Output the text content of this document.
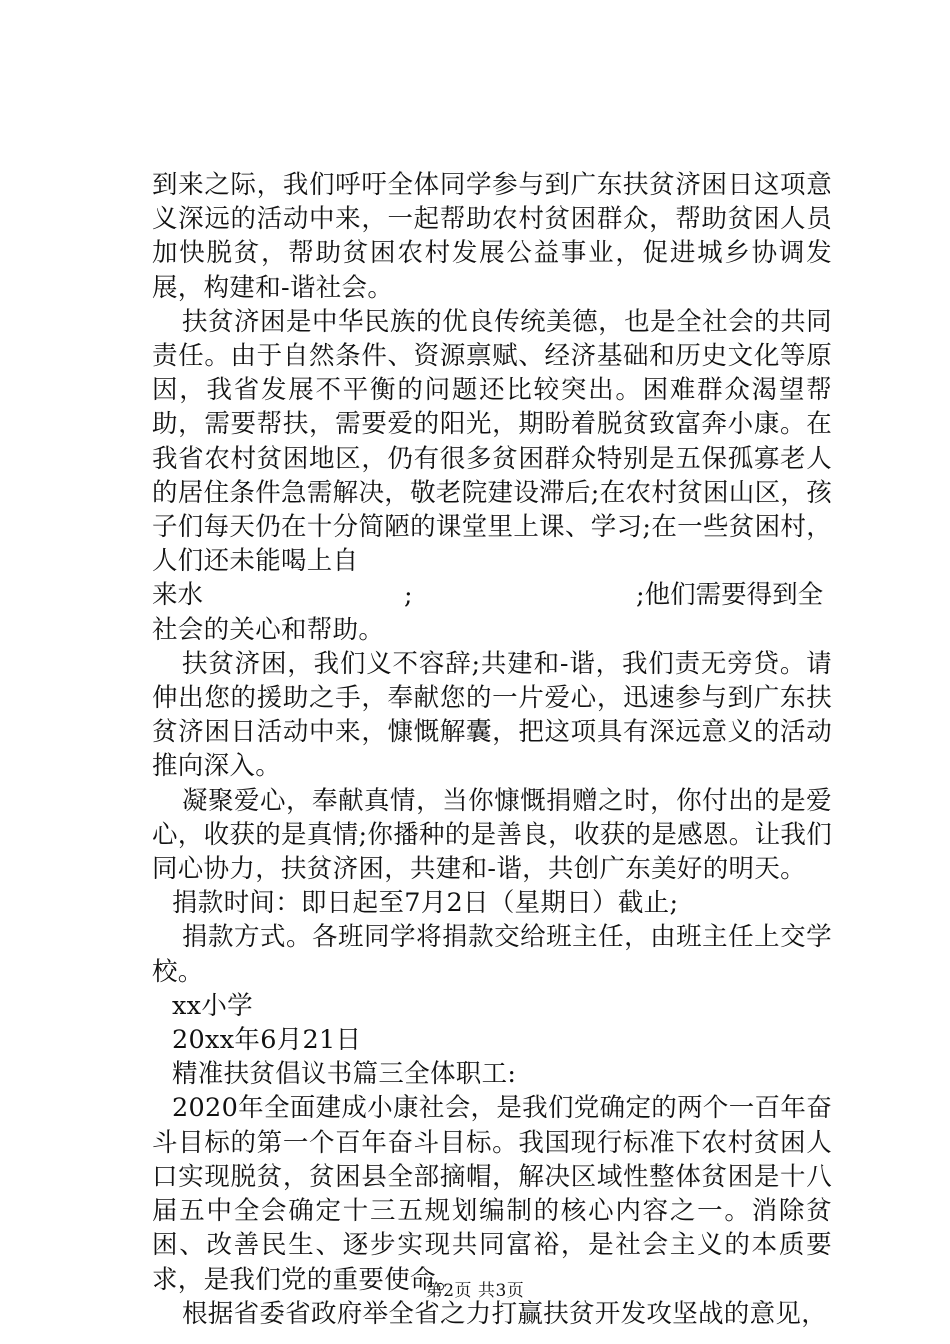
到来之际，我们呼吁全体同学参与到广东扶贫济困日这项意义深远的活动中来，一起帮助农村贫困群众，帮助贫困人员加快脱贫，帮助贫困农村发展公益事业，促进城乡协调发展，构建和-谐社会。

扶贫济困是中华民族的优良传统美德，也是全社会的共同责任。由于自然条件、资源禀赋、经济基础和历史文化等原因，我省发展不平衡的问题还比较突出。困难群众渴望帮助，需要帮扶，需要爱的阳光，期盼着脱贫致富奔小康。在我省农村贫困地区，仍有很多贫困群众特别是五保孤寡老人的居住条件急需解决，敬老院建设滞后;在农村贫困山区，孩子们每天仍在十分简陋的课堂里上课、学习;在一些贫困村，人们还未能喝上自

来水	;	;他们需要得到全

社会的关心和帮助。

扶贫济困，我们义不容辞;共建和-谐，我们责无旁贷。请伸出您的援助之手，奉献您的一片爱心，迅速参与到广东扶贫济困日活动中来，慷慨解囊，把这项具有深远意义的活动推向深入。

凝聚爱心，奉献真情，当你慷慨捐赠之时，你付出的是爱心，收获的是真情;你播种的是善良，收获的是感恩。让我们同心协力，扶贫济困，共建和-谐，共创广东美好的明天。

捐款时间：即日起至7月2日（星期日）截止;

捐款方式。各班同学将捐款交给班主任，由班主任上交学校。

xx小学

20xx年6月21日

精准扶贫倡议书篇三全体职工:

2020年全面建成小康社会，是我们党确定的两个一百年奋斗目标的第一个百年奋斗目标。我国现行标准下农村贫困人口实现脱贫，贫困县全部摘帽，解决区域性整体贫困是十八届五中全会确定十三五规划编制的核心内容之一。消除贫困、改善民生、逐步实现共同富裕，是社会主义的本质要求，是我们党的重要使命。

根据省委省政府举全省之力打赢扶贫开发攻坚战的意见，

第2页 共3页
